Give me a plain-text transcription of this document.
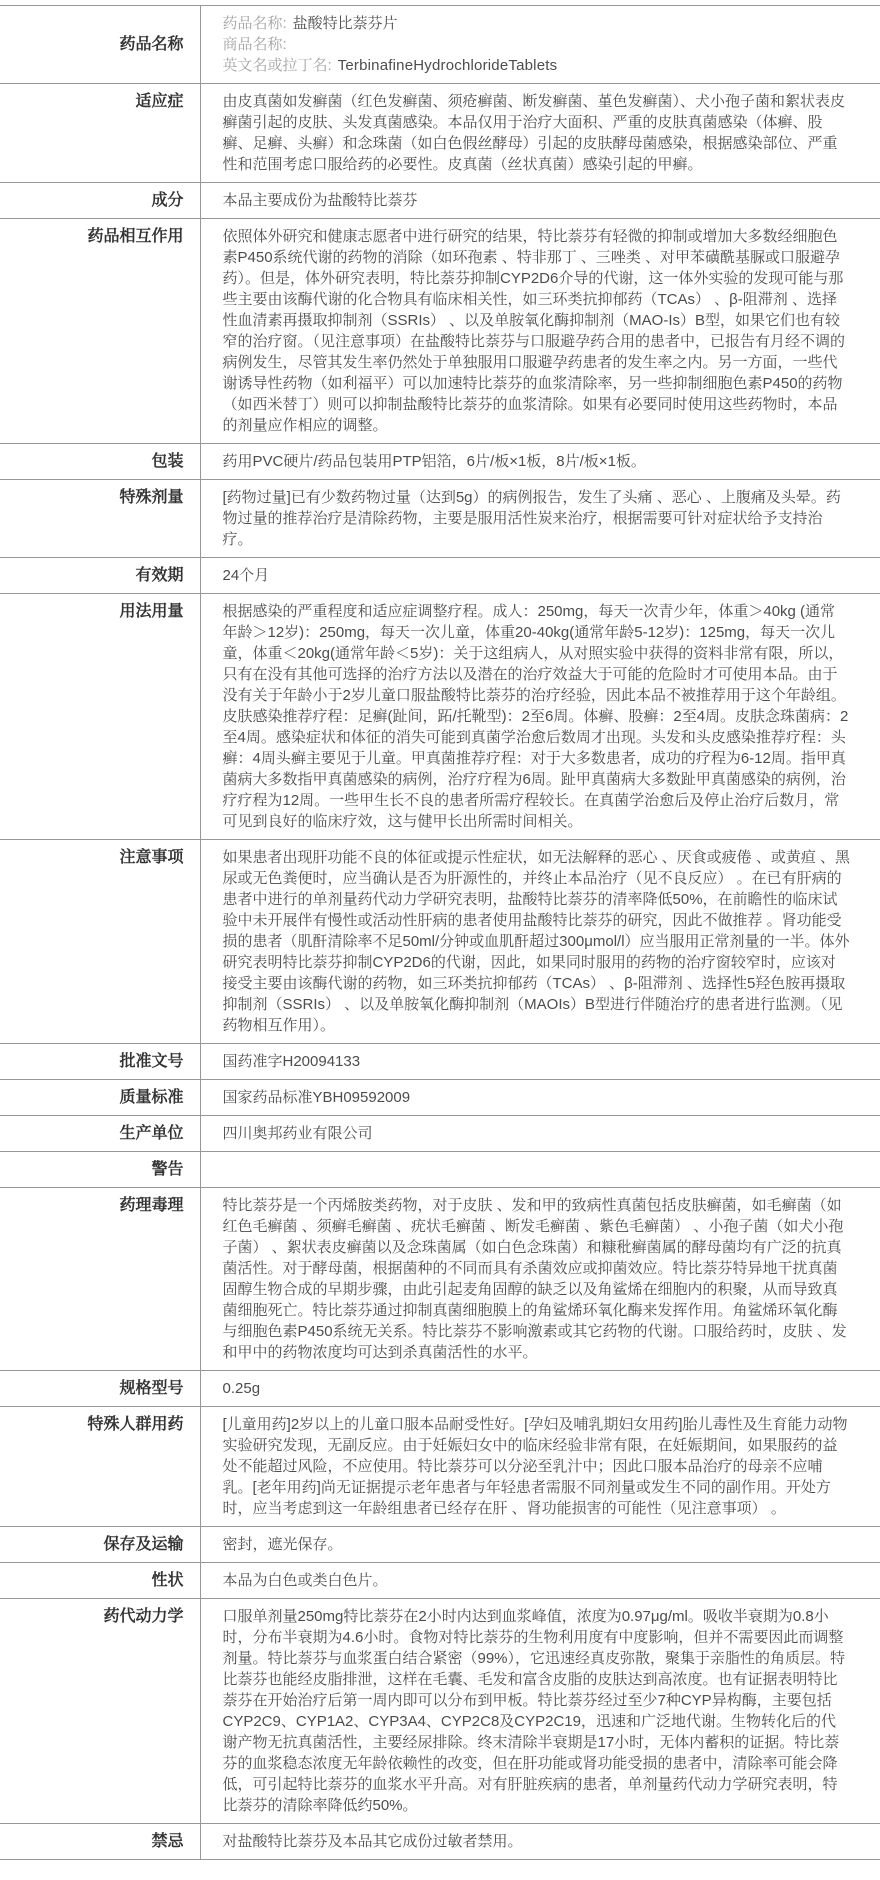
药品名称	药品名称: 盐酸特比萘芬片
商品名称:
英文名或拉丁名: TerbinafineHydrochlorideTablets

适应症	由皮真菌如发癣菌（红色发癣菌、须疮癣菌、断发癣菌、堇色发癣菌）、犬小孢子菌和絮状表皮癣菌引起的皮肤、头发真菌感染。本品仅用于治疗大面积、严重的皮肤真菌感染（体癣、股癣、足癣、头癣）和念珠菌（如白色假丝酵母）引起的皮肤酵母菌感染，根据感染部位、严重性和范围考虑口服给药的必要性。皮真菌（丝状真菌）感染引起的甲癣。
成分	本品主要成份为盐酸特比萘芬
药品相互作用	依照体外研究和健康志愿者中进行研究的结果，特比萘芬有轻微的抑制或增加大多数经细胞色素P450系统代谢的药物的消除（如环孢素 、特非那丁 、三唑类 、对甲苯磺酰基脲或口服避孕药）。但是，体外研究表明，特比萘芬抑制CYP2D6介导的代谢，这一体外实验的发现可能与那些主要由该酶代谢的化合物具有临床相关性，如三环类抗抑郁药（TCAs） 、β-阻滞剂 、选择性血清素再摄取抑制剂（SSRIs） 、以及单胺氧化酶抑制剂（MAO-Is）B型，如果它们也有较窄的治疗窗。（见注意事项）在盐酸特比萘芬与口服避孕药合用的患者中，已报告有月经不调的病例发生，尽管其发生率仍然处于单独服用口服避孕药患者的发生率之内。另一方面，一些代谢诱导性药物（如利福平）可以加速特比萘芬的血浆清除率，另一些抑制细胞色素P450的药物（如西米替丁）则可以抑制盐酸特比萘芬的血浆清除。如果有必要同时使用这些药物时，本品的剂量应作相应的调整。
包装	药用PVC硬片/药品包装用PTP铝箔，6片/板×1板，8片/板×1板。
特殊剂量	[药物过量]已有少数药物过量（达到5g）的病例报告，发生了头痛 、恶心 、上腹痛及头晕。药物过量的推荐治疗是清除药物，主要是服用活性炭来治疗，根据需要可针对症状给予支持治疗。
有效期	24个月
用法用量	根据感染的严重程度和适应症调整疗程。成人：250mg，每天一次青少年，体重＞40kg (通常年龄＞12岁)：250mg，每天一次儿童，体重20-40kg(通常年龄5-12岁)：125mg，每天一次儿童，体重＜20kg(通常年龄＜5岁)：关于这组病人，从对照实验中获得的资料非常有限，所以，只有在没有其他可选择的治疗方法以及潜在的治疗效益大于可能的危险时才可使用本品。由于没有关于年龄小于2岁儿童口服盐酸特比萘芬的治疗经验，因此本品不被推荐用于这个年龄组。皮肤感染推荐疗程：足癣(趾间，跖/托靴型)：2至6周。体癣、股癣：2至4周。皮肤念珠菌病：2至4周。感染症状和体征的消失可能到真菌学治愈后数周才出现。头发和头皮感染推荐疗程：头癣：4周头癣主要见于儿童。甲真菌推荐疗程：对于大多数患者，成功的疗程为6-12周。指甲真菌病大多数指甲真菌感染的病例，治疗疗程为6周。趾甲真菌病大多数趾甲真菌感染的病例，治疗疗程为12周。一些甲生长不良的患者所需疗程较长。在真菌学治愈后及停止治疗后数月，常可见到良好的临床疗效，这与健甲长出所需时间相关。
注意事项	如果患者出现肝功能不良的体征或提示性症状，如无法解释的恶心 、厌食或疲倦 、或黄疸 、黑尿或无色粪便时，应当确认是否为肝源性的，并终止本品治疗（见不良反应） 。在已有肝病的患者中进行的单剂量药代动力学研究表明，盐酸特比萘芬的清率降低50%，在前瞻性的临床试验中未开展伴有慢性或活动性肝病的患者使用盐酸特比萘芬的研究，因此不做推荐 。肾功能受损的患者（肌酐清除率不足50ml/分钟或血肌酐超过300μmol/l）应当服用正常剂量的一半。体外研究表明特比萘芬抑制CYP2D6的代谢，因此，如果同时服用的药物的治疗窗较窄时，应该对接受主要由该酶代谢的药物，如三环类抗抑郁药（TCAs） 、β-阻滞剂 、选择性5羟色胺再摄取抑制剂（SSRIs） 、以及单胺氧化酶抑制剂（MAOIs）B型进行伴随治疗的患者进行监测。（见药物相互作用）。
批准文号	国药准字H20094133
质量标准	国家药品标准YBH09592009
生产单位	四川奥邦药业有限公司
警告	
药理毒理	特比萘芬是一个丙烯胺类药物，对于皮肤 、发和甲的致病性真菌包括皮肤癣菌，如毛癣菌（如红色毛癣菌 、须癣毛癣菌 、疣状毛癣菌 、断发毛癣菌 、紫色毛癣菌） 、小孢子菌（如犬小孢子菌） 、絮状表皮癣菌以及念珠菌属（如白色念珠菌）和糠秕癣菌属的酵母菌均有广泛的抗真菌活性。对于酵母菌，根据菌种的不同而具有杀菌效应或抑菌效应。特比萘芬特异地干扰真菌固醇生物合成的早期步骤，由此引起麦角固醇的缺乏以及角鲨烯在细胞内的积聚，从而导致真菌细胞死亡。特比萘芬通过抑制真菌细胞膜上的角鲨烯环氧化酶来发挥作用。角鲨烯环氧化酶与细胞色素P450系统无关系。特比萘芬不影响激素或其它药物的代谢。口服给药时，皮肤 、发和甲中的药物浓度均可达到杀真菌活性的水平。
规格型号	0.25g
特殊人群用药	[儿童用药]2岁以上的儿童口服本品耐受性好。[孕妇及哺乳期妇女用药]胎儿毒性及生育能力动物实验研究发现，无副反应。由于妊娠妇女中的临床经验非常有限，在妊娠期间，如果服药的益处不能超过风险，不应使用。特比萘芬可以分泌至乳汁中；因此口服本品治疗的母亲不应哺乳。[老年用药]尚无证据提示老年患者与年轻患者需服不同剂量或发生不同的副作用。开处方时，应当考虑到这一年龄组患者已经存在肝 、肾功能损害的可能性（见注意事项） 。
保存及运输	密封，遮光保存。
性状	本品为白色或类白色片。
药代动力学	口服单剂量250mg特比萘芬在2小时内达到血浆峰值，浓度为0.97μg/ml。吸收半衰期为0.8小时，分布半衰期为4.6小时。食物对特比萘芬的生物利用度有中度影响，但并不需要因此而调整剂量。特比萘芬与血浆蛋白结合紧密（99%），它迅速经真皮弥散，聚集于亲脂性的角质层。特比萘芬也能经皮脂排泄，这样在毛囊、毛发和富含皮脂的皮肤达到高浓度。也有证据表明特比萘芬在开始治疗后第一周内即可以分布到甲板。特比萘芬经过至少7种CYP异构酶，主要包括CYP2C9、CYP1A2、CYP3A4、CYP2C8及CYP2C19，迅速和广泛地代谢。生物转化后的代谢产物无抗真菌活性，主要经尿排除。终末清除半衰期是17小时，无体内蓄积的证据。特比萘芬的血浆稳态浓度无年龄依赖性的改变，但在肝功能或肾功能受损的患者中，清除率可能会降低，可引起特比萘芬的血浆水平升高。对有肝脏疾病的患者，单剂量药代动力学研究表明，特比萘芬的清除率降低约50%。
禁忌	对盐酸特比萘芬及本品其它成份过敏者禁用。
